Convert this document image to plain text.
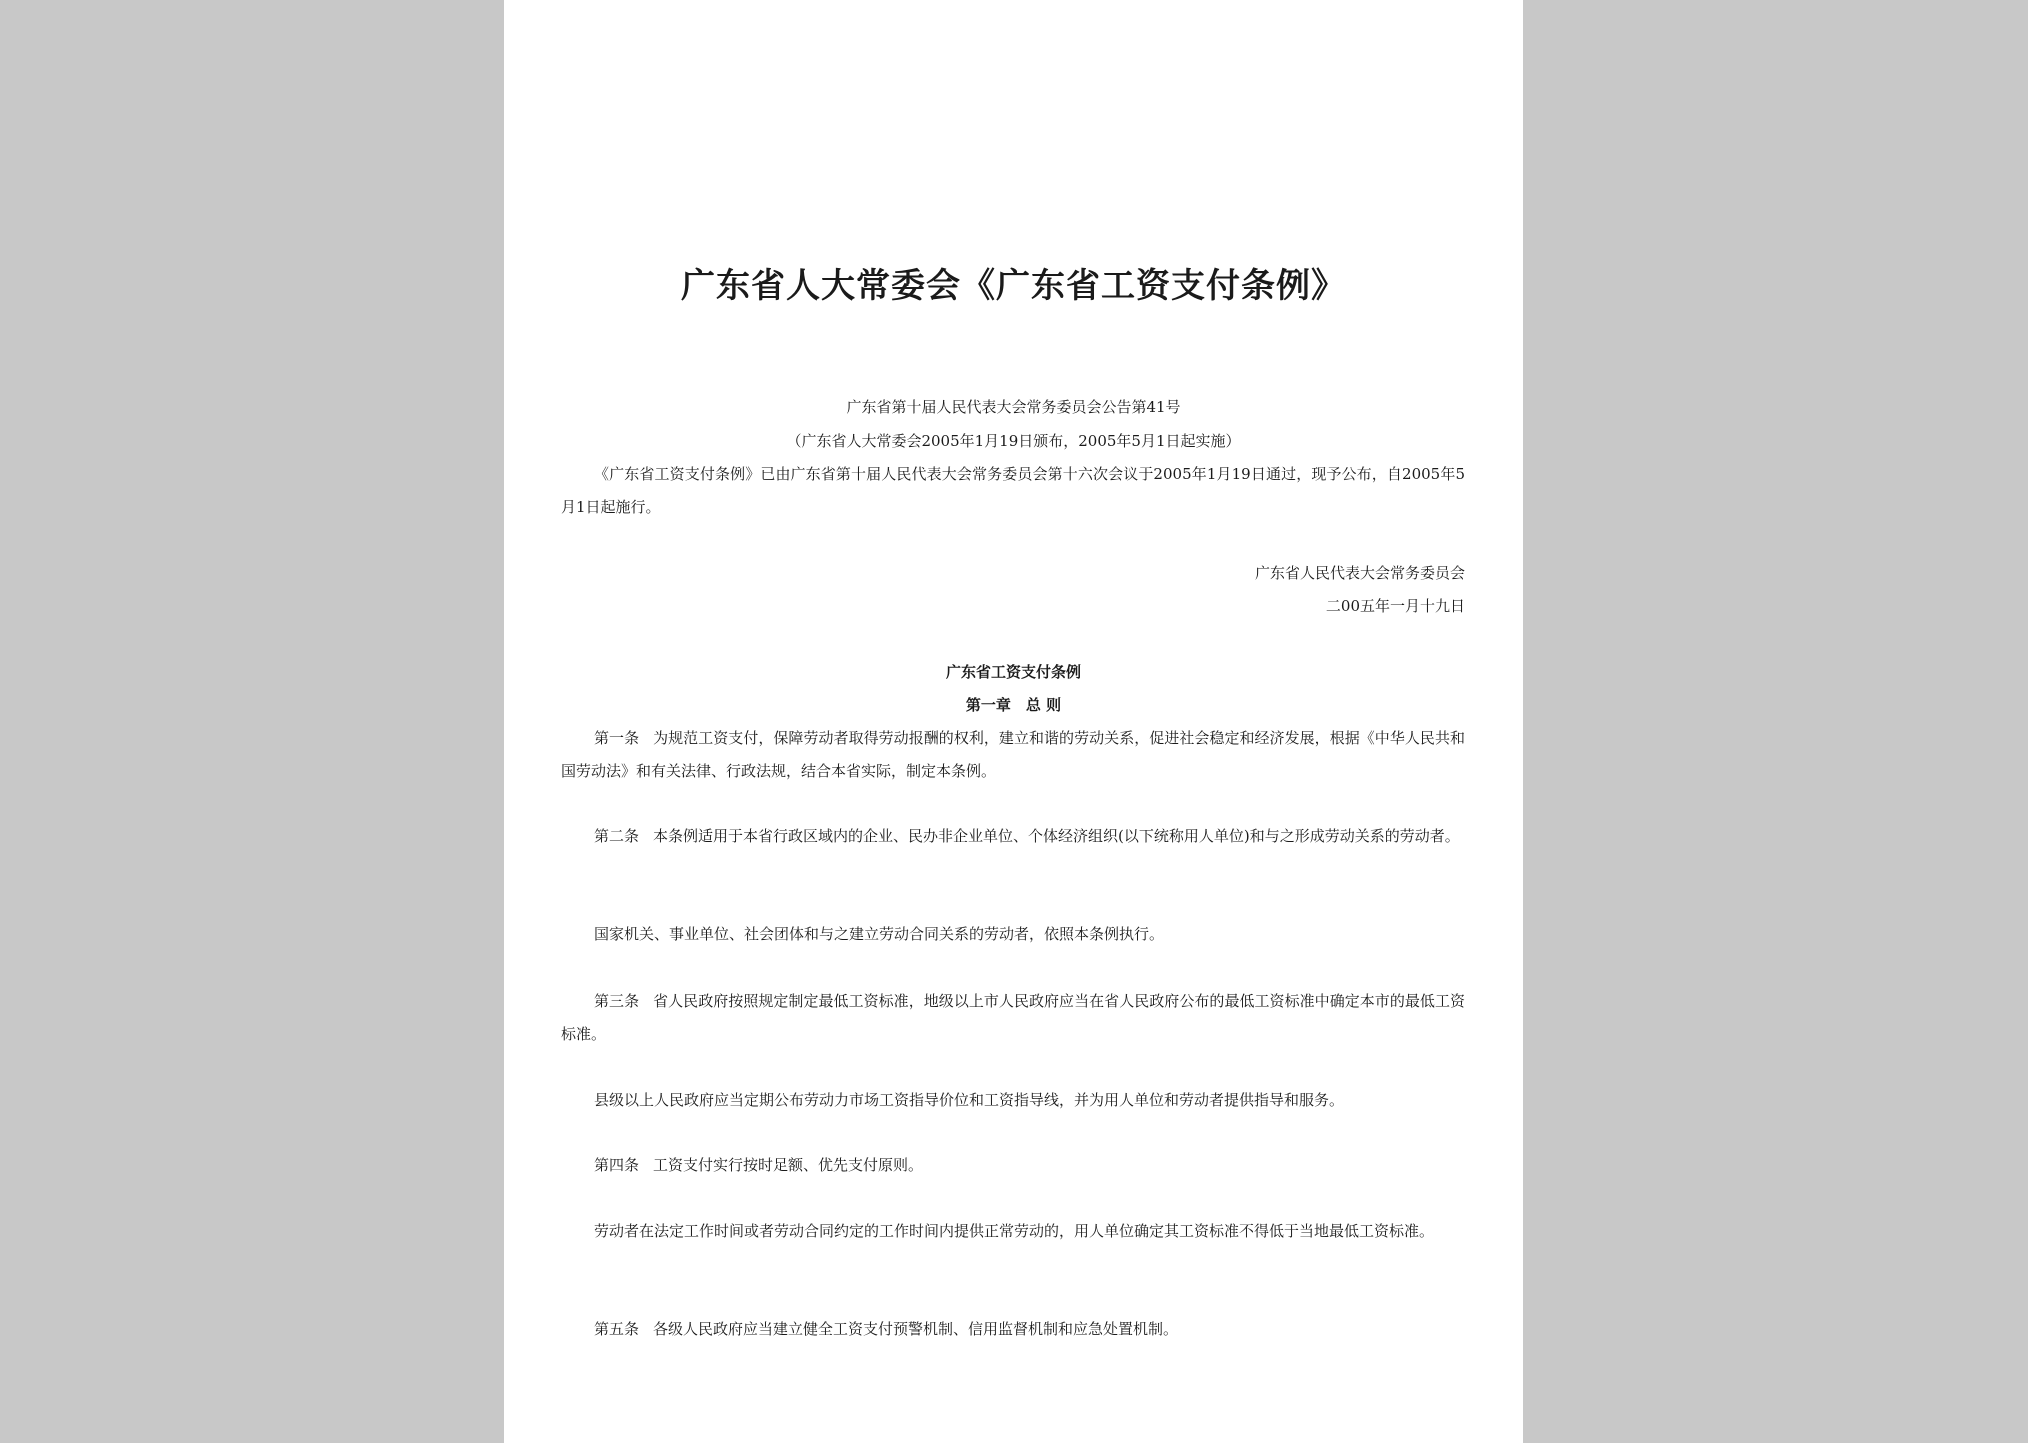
广东省人大常委会《广东省工资支付条例》
广东省第十届人民代表大会常务委员会公告第41号
（广东省人大常委会2005年1月19日颁布，2005年5月1日起实施）
《广东省工资支付条例》已由广东省第十届人民代表大会常务委员会第十六次会议于2005年1月19日通过，现予公布，自2005年5月1日起施行。
广东省人民代表大会常务委员会
二00五年一月十九日
广东省工资支付条例
第一章　总 则
第一条 为规范工资支付，保障劳动者取得劳动报酬的权利，建立和谐的劳动关系，促进社会稳定和经济发展，根据《中华人民共和国劳动法》和有关法律、行政法规，结合本省实际，制定本条例。
第二条 本条例适用于本省行政区域内的企业、民办非企业单位、个体经济组织(以下统称用人单位)和与之形成劳动关系的劳动者。
国家机关、事业单位、社会团体和与之建立劳动合同关系的劳动者，依照本条例执行。
第三条 省人民政府按照规定制定最低工资标准，地级以上市人民政府应当在省人民政府公布的最低工资标准中确定本市的最低工资标准。
县级以上人民政府应当定期公布劳动力市场工资指导价位和工资指导线，并为用人单位和劳动者提供指导和服务。
第四条 工资支付实行按时足额、优先支付原则。
劳动者在法定工作时间或者劳动合同约定的工作时间内提供正常劳动的，用人单位确定其工资标准不得低于当地最低工资标准。
第五条 各级人民政府应当建立健全工资支付预警机制、信用监督机制和应急处置机制。
